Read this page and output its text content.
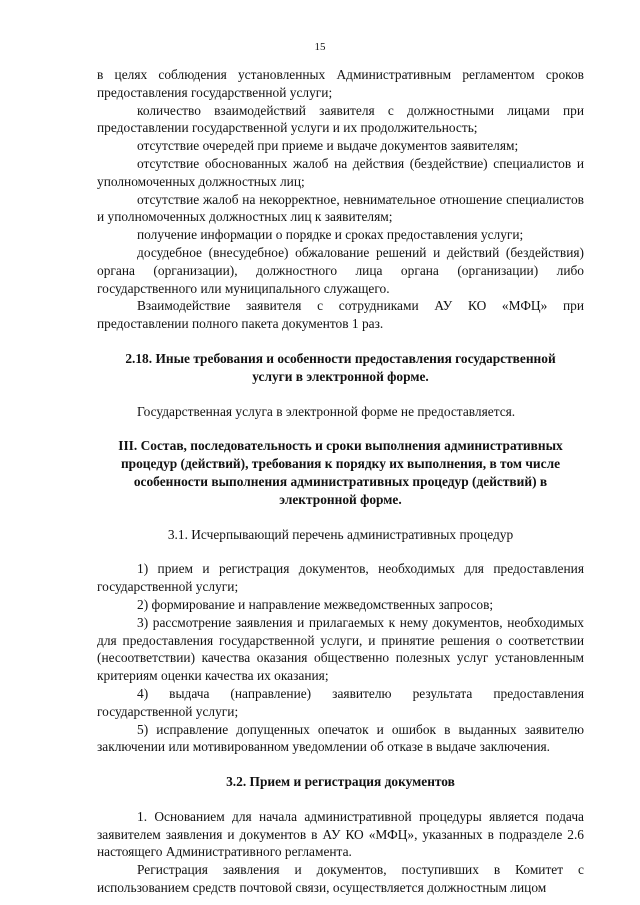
15

в целях соблюдения установленных Административным регламентом сроков предоставления государственной услуги;

количество взаимодействий заявителя с должностными лицами при предоставлении государственной услуги и их продолжительность;

отсутствие очередей при приеме и выдаче документов заявителям;

отсутствие обоснованных жалоб на действия (бездействие) специалистов и уполномоченных должностных лиц;

отсутствие жалоб на некорректное, невнимательное отношение специалистов и уполномоченных должностных лиц к заявителям;

получение информации о порядке и сроках предоставления услуги;

досудебное (внесудебное) обжалование решений и действий (бездействия) органа (организации), должностного лица органа (организации) либо государственного или муниципального служащего.

Взаимодействие заявителя с сотрудниками АУ КО «МФЦ» при предоставлении полного пакета документов 1 раз.

2.18. Иные требования и особенности предоставления государственной услуги в электронной форме.

Государственная услуга в электронной форме не предоставляется.

III. Состав, последовательность и сроки выполнения административных процедур (действий), требования к порядку их выполнения, в том числе особенности выполнения административных процедур (действий) в электронной форме.

3.1. Исчерпывающий перечень административных процедур

1) прием и регистрация документов, необходимых для предоставления государственной услуги;

2) формирование и направление межведомственных запросов;

3) рассмотрение заявления и прилагаемых к нему документов, необходимых для предоставления государственной услуги, и принятие решения о соответствии (несоответствии) качества оказания общественно полезных услуг установленным критериям оценки качества их оказания;

4) выдача (направление) заявителю результата предоставления государственной услуги;

5) исправление допущенных опечаток и ошибок в выданных заявителю заключении или мотивированном уведомлении об отказе в выдаче заключения.

3.2. Прием и регистрация документов

1. Основанием для начала административной процедуры является подача заявителем заявления и документов в АУ КО «МФЦ», указанных в подразделе 2.6 настоящего Административного регламента.

Регистрация заявления и документов, поступивших в Комитет с использованием средств почтовой связи, осуществляется должностным лицом
